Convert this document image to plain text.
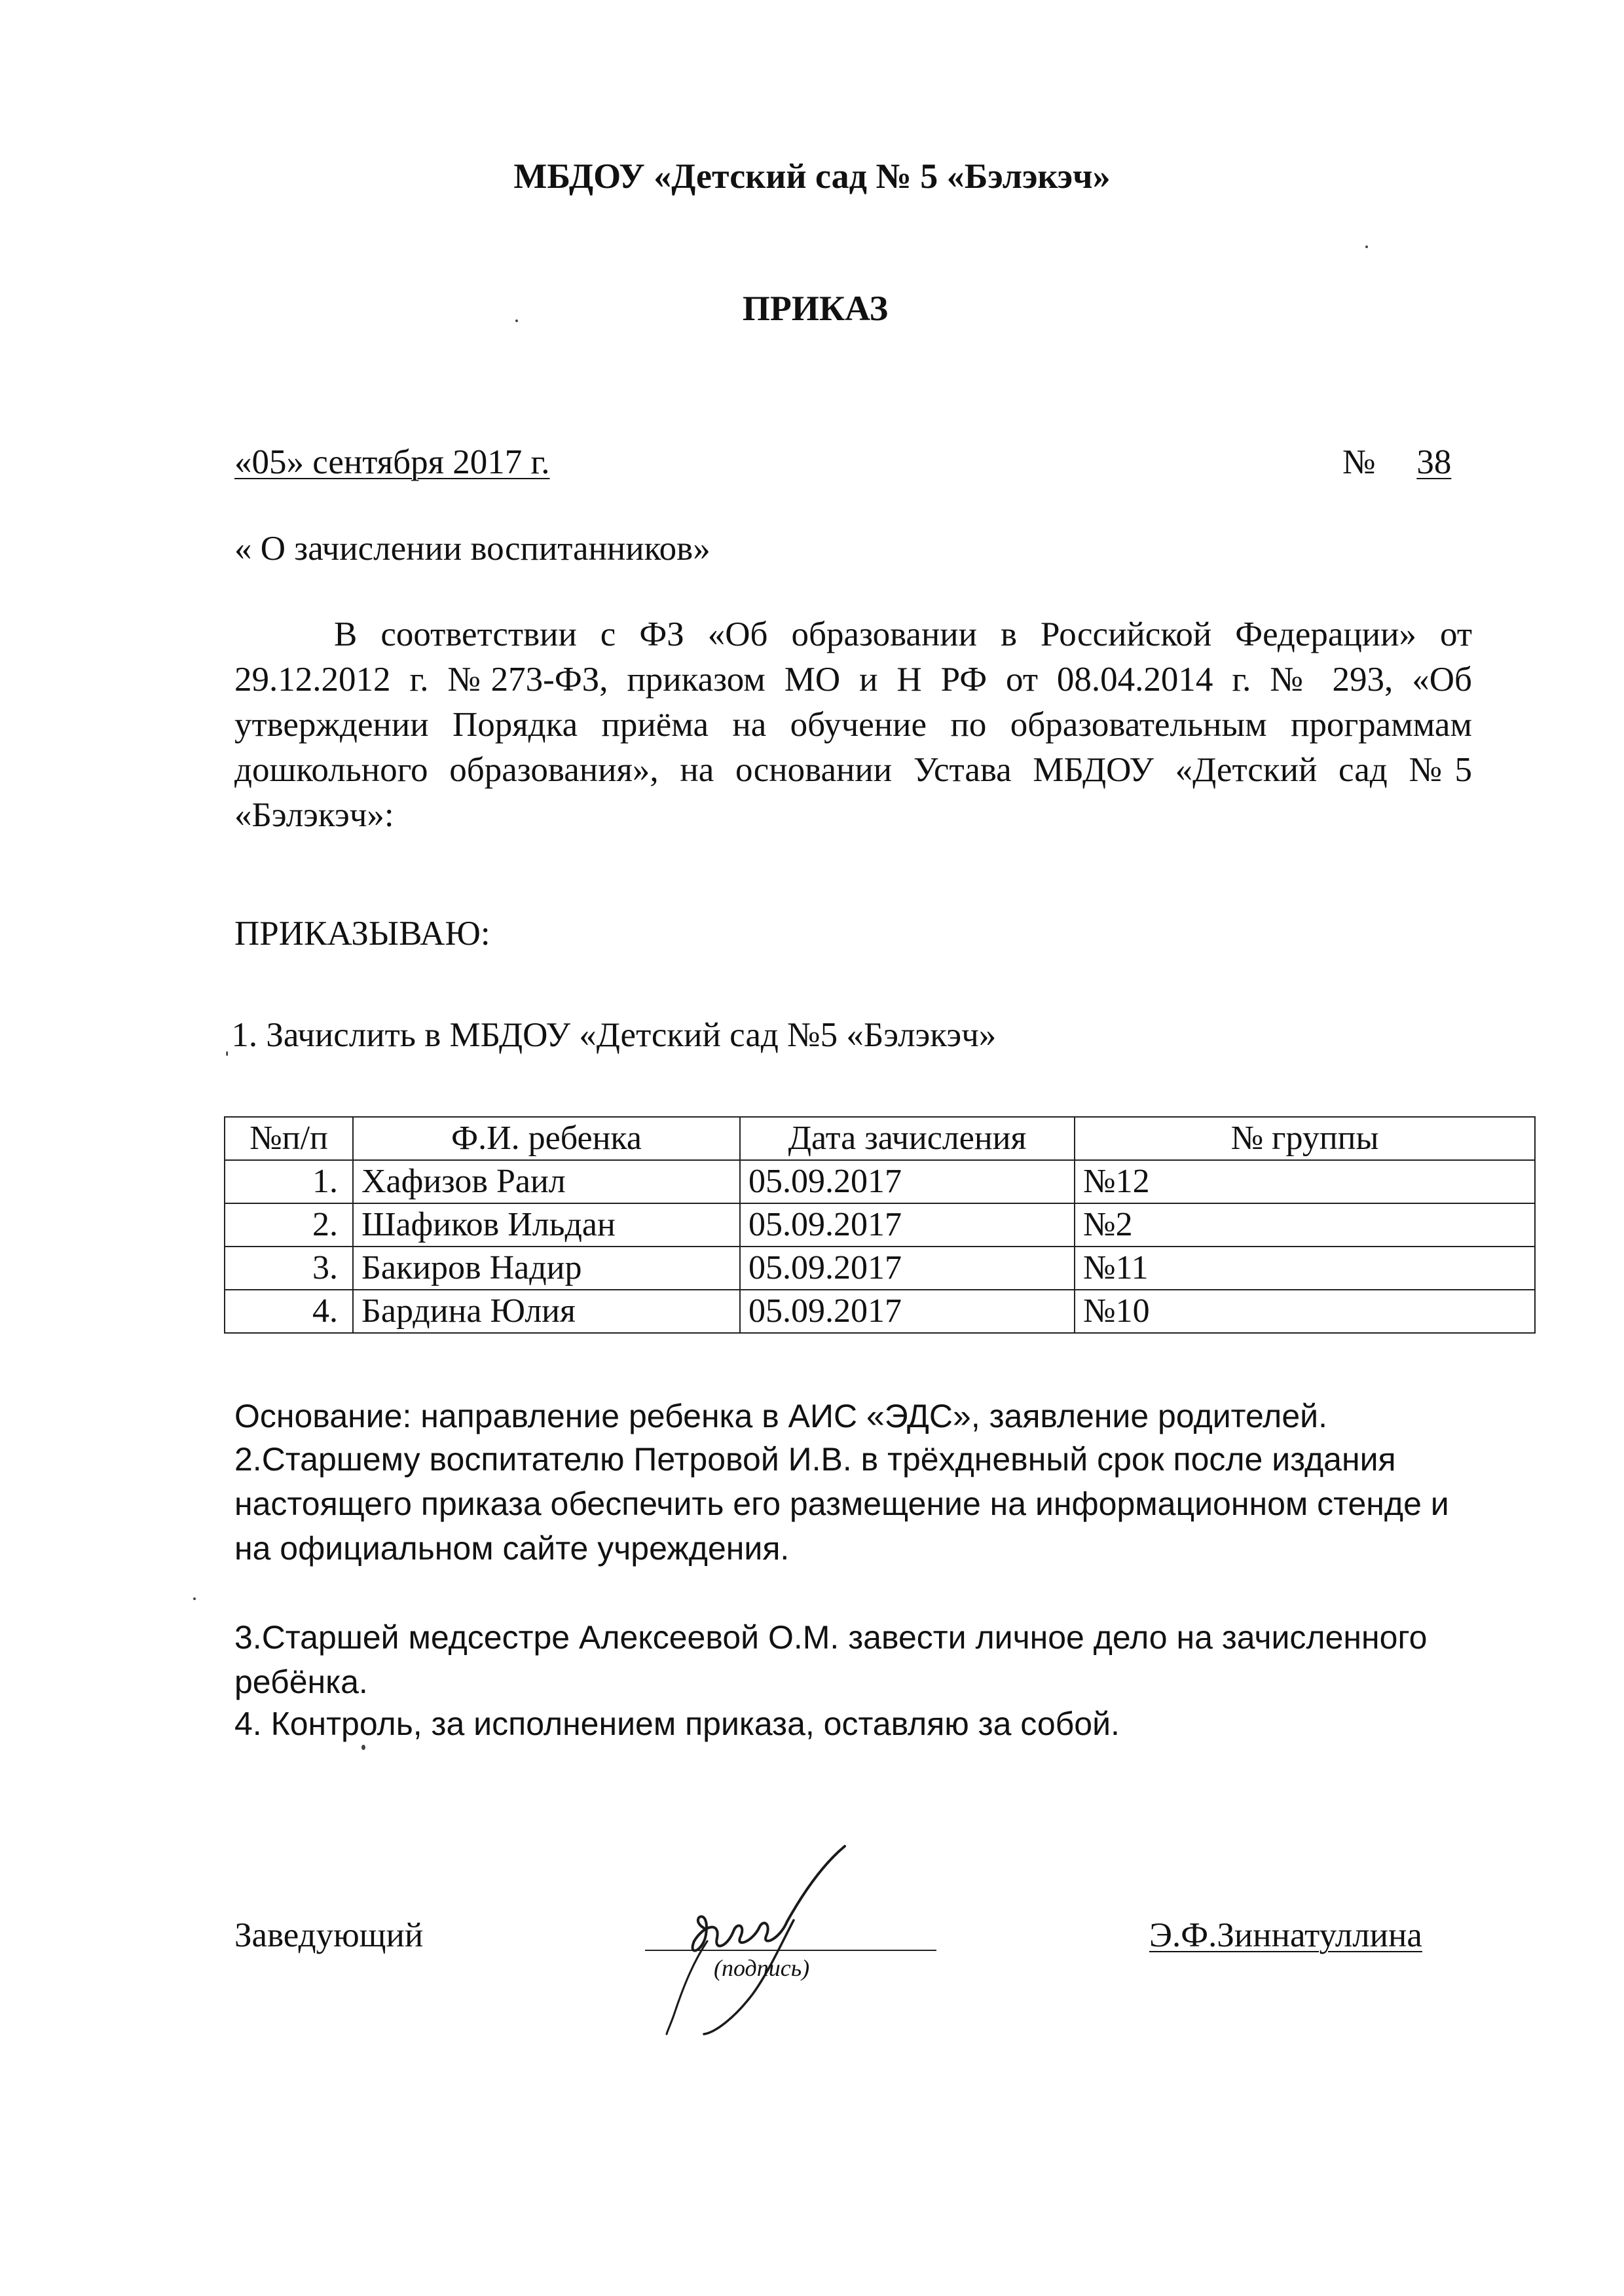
МБДОУ «Детский сад № 5 «Бэлэкэч»
ПРИКАЗ
«05» сентября 2017 г.	№ 38
« О зачислении воспитанников»
В соответствии с ФЗ «Об образовании в Российской Федерации» от 29.12.2012 г. №273-ФЗ, приказом МО и Н РФ от 08.04.2014 г. № 293, «Об утверждении Порядка приёма на обучение по образовательным программам дошкольного образования», на основании Устава МБДОУ «Детский сад №5 «Бэлэкэч»:
ПРИКАЗЫВАЮ:
ˌ1. Зачислить в МБДОУ «Детский сад №5 «Бэлэкэч»
№п/п	Ф.И. ребенка	Дата зачисления	№ группы
1.	Хафизов Раил	05.09.2017	№12
2.	Шафиков Ильдан	05.09.2017	№2
3.	Бакиров Надир	05.09.2017	№11
4.	Бардина Юлия	05.09.2017	№10
Основание: направление ребенка в АИС «ЭДС», заявление родителей.
2.Старшему воспитателю Петровой И.В. в трёхдневный срок после издания настоящего приказа обеспечить его размещение на информационном стенде и на официальном сайте учреждения.
3.Старшей медсестре Алексеевой О.М. завести личное дело на зачисленного ребёнка.
4. Контроль, за исполнением приказа, оставляю за собой.
Заведующий
(подпись)
Э.Ф.Зиннатуллина
